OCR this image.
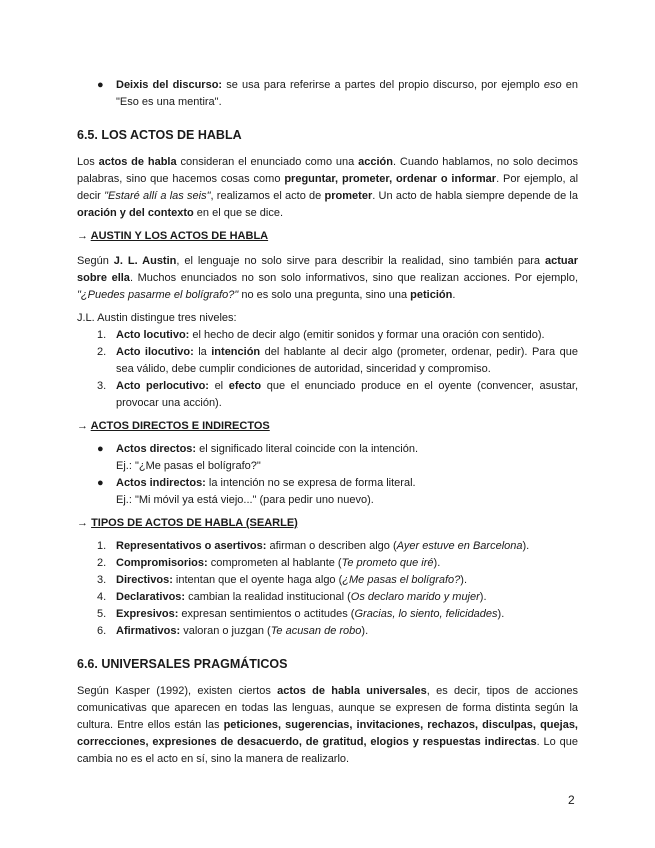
● Deixis del discurso: se usa para referirse a partes del propio discurso, por ejemplo eso en "Eso es una mentira".
6.5. LOS ACTOS DE HABLA

Los actos de habla consideran el enunciado como una acción. Cuando hablamos, no solo decimos palabras, sino que hacemos cosas como preguntar, prometer, ordenar o informar. Por ejemplo, al decir "Estaré allí a las seis", realizamos el acto de prometer. Un acto de habla siempre depende de la oración y del contexto en el que se dice.

→ AUSTIN Y LOS ACTOS DE HABLA

Según J. L. Austin, el lenguaje no solo sirve para describir la realidad, sino también para actuar sobre ella. Muchos enunciados no son solo informativos, sino que realizan acciones. Por ejemplo, "¿Puedes pasarme el bolígrafo?" no es solo una pregunta, sino una petición.

J.L. Austin distingue tres niveles:

1. Acto locutivo: el hecho de decir algo (emitir sonidos y formar una oración con sentido).
2. Acto ilocutivo: la intención del hablante al decir algo (prometer, ordenar, pedir). Para que sea válido, debe cumplir condiciones de autoridad, sinceridad y compromiso.
3. Acto perlocutivo: el efecto que el enunciado produce en el oyente (convencer, asustar, provocar una acción).
→ ACTOS DIRECTOS E INDIRECTOS
● Actos directos: el significado literal coincide con la intención.
Ej.: "¿Me pasas el bolígrafo?"
● Actos indirectos: la intención no se expresa de forma literal.
Ej.: "Mi móvil ya está viejo..." (para pedir uno nuevo).
→ TIPOS DE ACTOS DE HABLA (SEARLE)
1. Representativos o asertivos: afirman o describen algo (Ayer estuve en Barcelona).
2. Compromisorios: comprometen al hablante (Te prometo que iré).
3. Directivos: intentan que el oyente haga algo (¿Me pasas el bolígrafo?).
4. Declarativos: cambian la realidad institucional (Os declaro marido y mujer).
5. Expresivos: expresan sentimientos o actitudes (Gracias, lo siento, felicidades).
6. Afirmativos: valoran o juzgan (Te acusan de robo).
6.6. UNIVERSALES PRAGMÁTICOS

Según Kasper (1992), existen ciertos actos de habla universales, es decir, tipos de acciones comunicativas que aparecen en todas las lenguas, aunque se expresen de forma distinta según la cultura. Entre ellos están las peticiones, sugerencias, invitaciones, rechazos, disculpas, quejas, correcciones, expresiones de desacuerdo, de gratitud, elogios y respuestas indirectas. Lo que cambia no es el acto en sí, sino la manera de realizarlo.

2
